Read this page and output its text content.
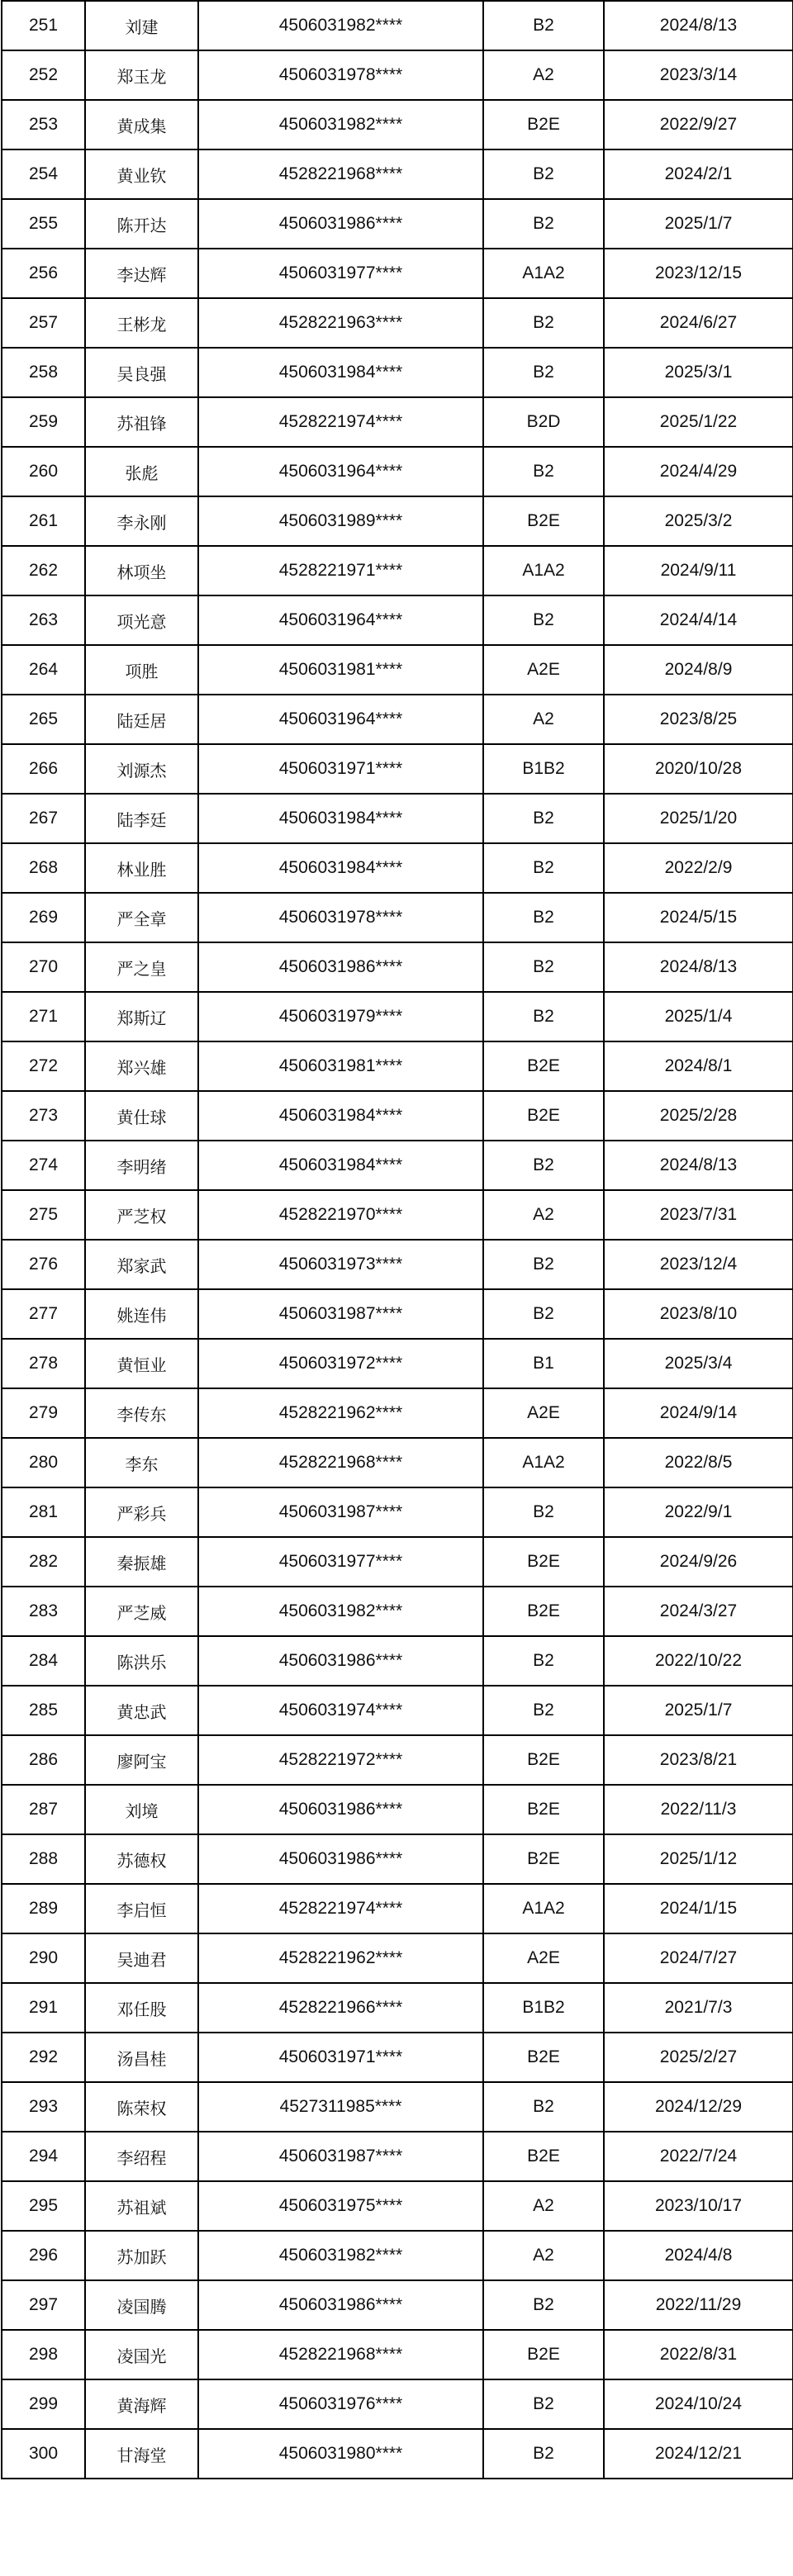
251	刘建	4506031982****	B2	2024/8/13
252	郑玉龙	4506031978****	A2	2023/3/14
253	黄成集	4506031982****	B2E	2022/9/27
254	黄业钦	4528221968****	B2	2024/2/1
255	陈开达	4506031986****	B2	2025/1/7
256	李达辉	4506031977****	A1A2	2023/12/15
257	王彬龙	4528221963****	B2	2024/6/27
258	吴良强	4506031984****	B2	2025/3/1
259	苏祖锋	4528221974****	B2D	2025/1/22
260	张彪	4506031964****	B2	2024/4/29
261	李永刚	4506031989****	B2E	2025/3/2
262	林项坐	4528221971****	A1A2	2024/9/11
263	项光意	4506031964****	B2	2024/4/14
264	项胜	4506031981****	A2E	2024/8/9
265	陆廷居	4506031964****	A2	2023/8/25
266	刘源杰	4506031971****	B1B2	2020/10/28
267	陆李廷	4506031984****	B2	2025/1/20
268	林业胜	4506031984****	B2	2022/2/9
269	严全章	4506031978****	B2	2024/5/15
270	严之皇	4506031986****	B2	2024/8/13
271	郑斯辽	4506031979****	B2	2025/1/4
272	郑兴雄	4506031981****	B2E	2024/8/1
273	黄仕球	4506031984****	B2E	2025/2/28
274	李明绪	4506031984****	B2	2024/8/13
275	严芝权	4528221970****	A2	2023/7/31
276	郑家武	4506031973****	B2	2023/12/4
277	姚连伟	4506031987****	B2	2023/8/10
278	黄恒业	4506031972****	B1	2025/3/4
279	李传东	4528221962****	A2E	2024/9/14
280	李东	4528221968****	A1A2	2022/8/5
281	严彩兵	4506031987****	B2	2022/9/1
282	秦振雄	4506031977****	B2E	2024/9/26
283	严芝威	4506031982****	B2E	2024/3/27
284	陈洪乐	4506031986****	B2	2022/10/22
285	黄忠武	4506031974****	B2	2025/1/7
286	廖阿宝	4528221972****	B2E	2023/8/21
287	刘境	4506031986****	B2E	2022/11/3
288	苏德权	4506031986****	B2E	2025/1/12
289	李启恒	4528221974****	A1A2	2024/1/15
290	吴迪君	4528221962****	A2E	2024/7/27
291	邓任股	4528221966****	B1B2	2021/7/3
292	汤昌桂	4506031971****	B2E	2025/2/27
293	陈荣权	4527311985****	B2	2024/12/29
294	李绍程	4506031987****	B2E	2022/7/24
295	苏祖斌	4506031975****	A2	2023/10/17
296	苏加跃	4506031982****	A2	2024/4/8
297	凌国腾	4506031986****	B2	2022/11/29
298	凌国光	4528221968****	B2E	2022/8/31
299	黄海辉	4506031976****	B2	2024/10/24
300	甘海堂	4506031980****	B2	2024/12/21
